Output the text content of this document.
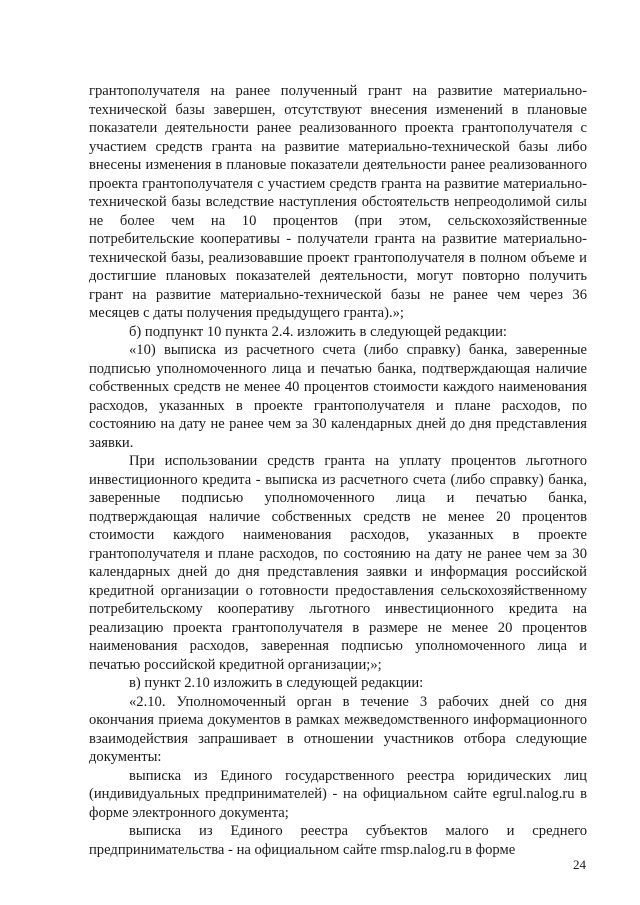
грантополучателя на ранее полученный грант на развитие материально-технической базы завершен, отсутствуют внесения изменений в плановые показатели деятельности ранее реализованного проекта грантополучателя с участием средств гранта на развитие материально-технической базы либо внесены изменения в плановые показатели деятельности ранее реализованного проекта грантополучателя с участием средств гранта на развитие материально-технической базы вследствие наступления обстоятельств непреодолимой силы не более чем на 10 процентов (при этом, сельскохозяйственные потребительские кооперативы - получатели гранта на развитие материально-технической базы, реализовавшие проект грантополучателя в полном объеме и достигшие плановых показателей деятельности, могут повторно получить грант на развитие материально-технической базы не ранее чем через 36 месяцев с даты получения предыдущего гранта).»;

б) подпункт 10 пункта 2.4. изложить в следующей редакции:

«10) выписка из расчетного счета (либо справку) банка, заверенные подписью уполномоченного лица и печатью банка, подтверждающая наличие собственных средств не менее 40 процентов стоимости каждого наименования расходов, указанных в проекте грантополучателя и плане расходов, по состоянию на дату не ранее чем за 30 календарных дней до дня представления заявки.

При использовании средств гранта на уплату процентов льготного инвестиционного кредита - выписка из расчетного счета (либо справку) банка, заверенные подписью уполномоченного лица и печатью банка, подтверждающая наличие собственных средств не менее 20 процентов стоимости каждого наименования расходов, указанных в проекте грантополучателя и плане расходов, по состоянию на дату не ранее чем за 30 календарных дней до дня представления заявки и информация российской кредитной организации о готовности предоставления сельскохозяйственному потребительскому кооперативу льготного инвестиционного кредита на реализацию проекта грантополучателя в размере не менее 20 процентов наименования расходов, заверенная подписью уполномоченного лица и печатью российской кредитной организации;»;

в) пункт 2.10 изложить в следующей редакции:

«2.10. Уполномоченный орган в течение 3 рабочих дней со дня окончания приема документов в рамках межведомственного информационного взаимодействия запрашивает в отношении участников отбора следующие документы:

выписка из Единого государственного реестра юридических лиц (индивидуальных предпринимателей) - на официальном сайте egrul.nalog.ru в форме электронного документа;

выписка из Единого реестра субъектов малого и среднего предпринимательства - на официальном сайте rmsp.nalog.ru в форме

24
